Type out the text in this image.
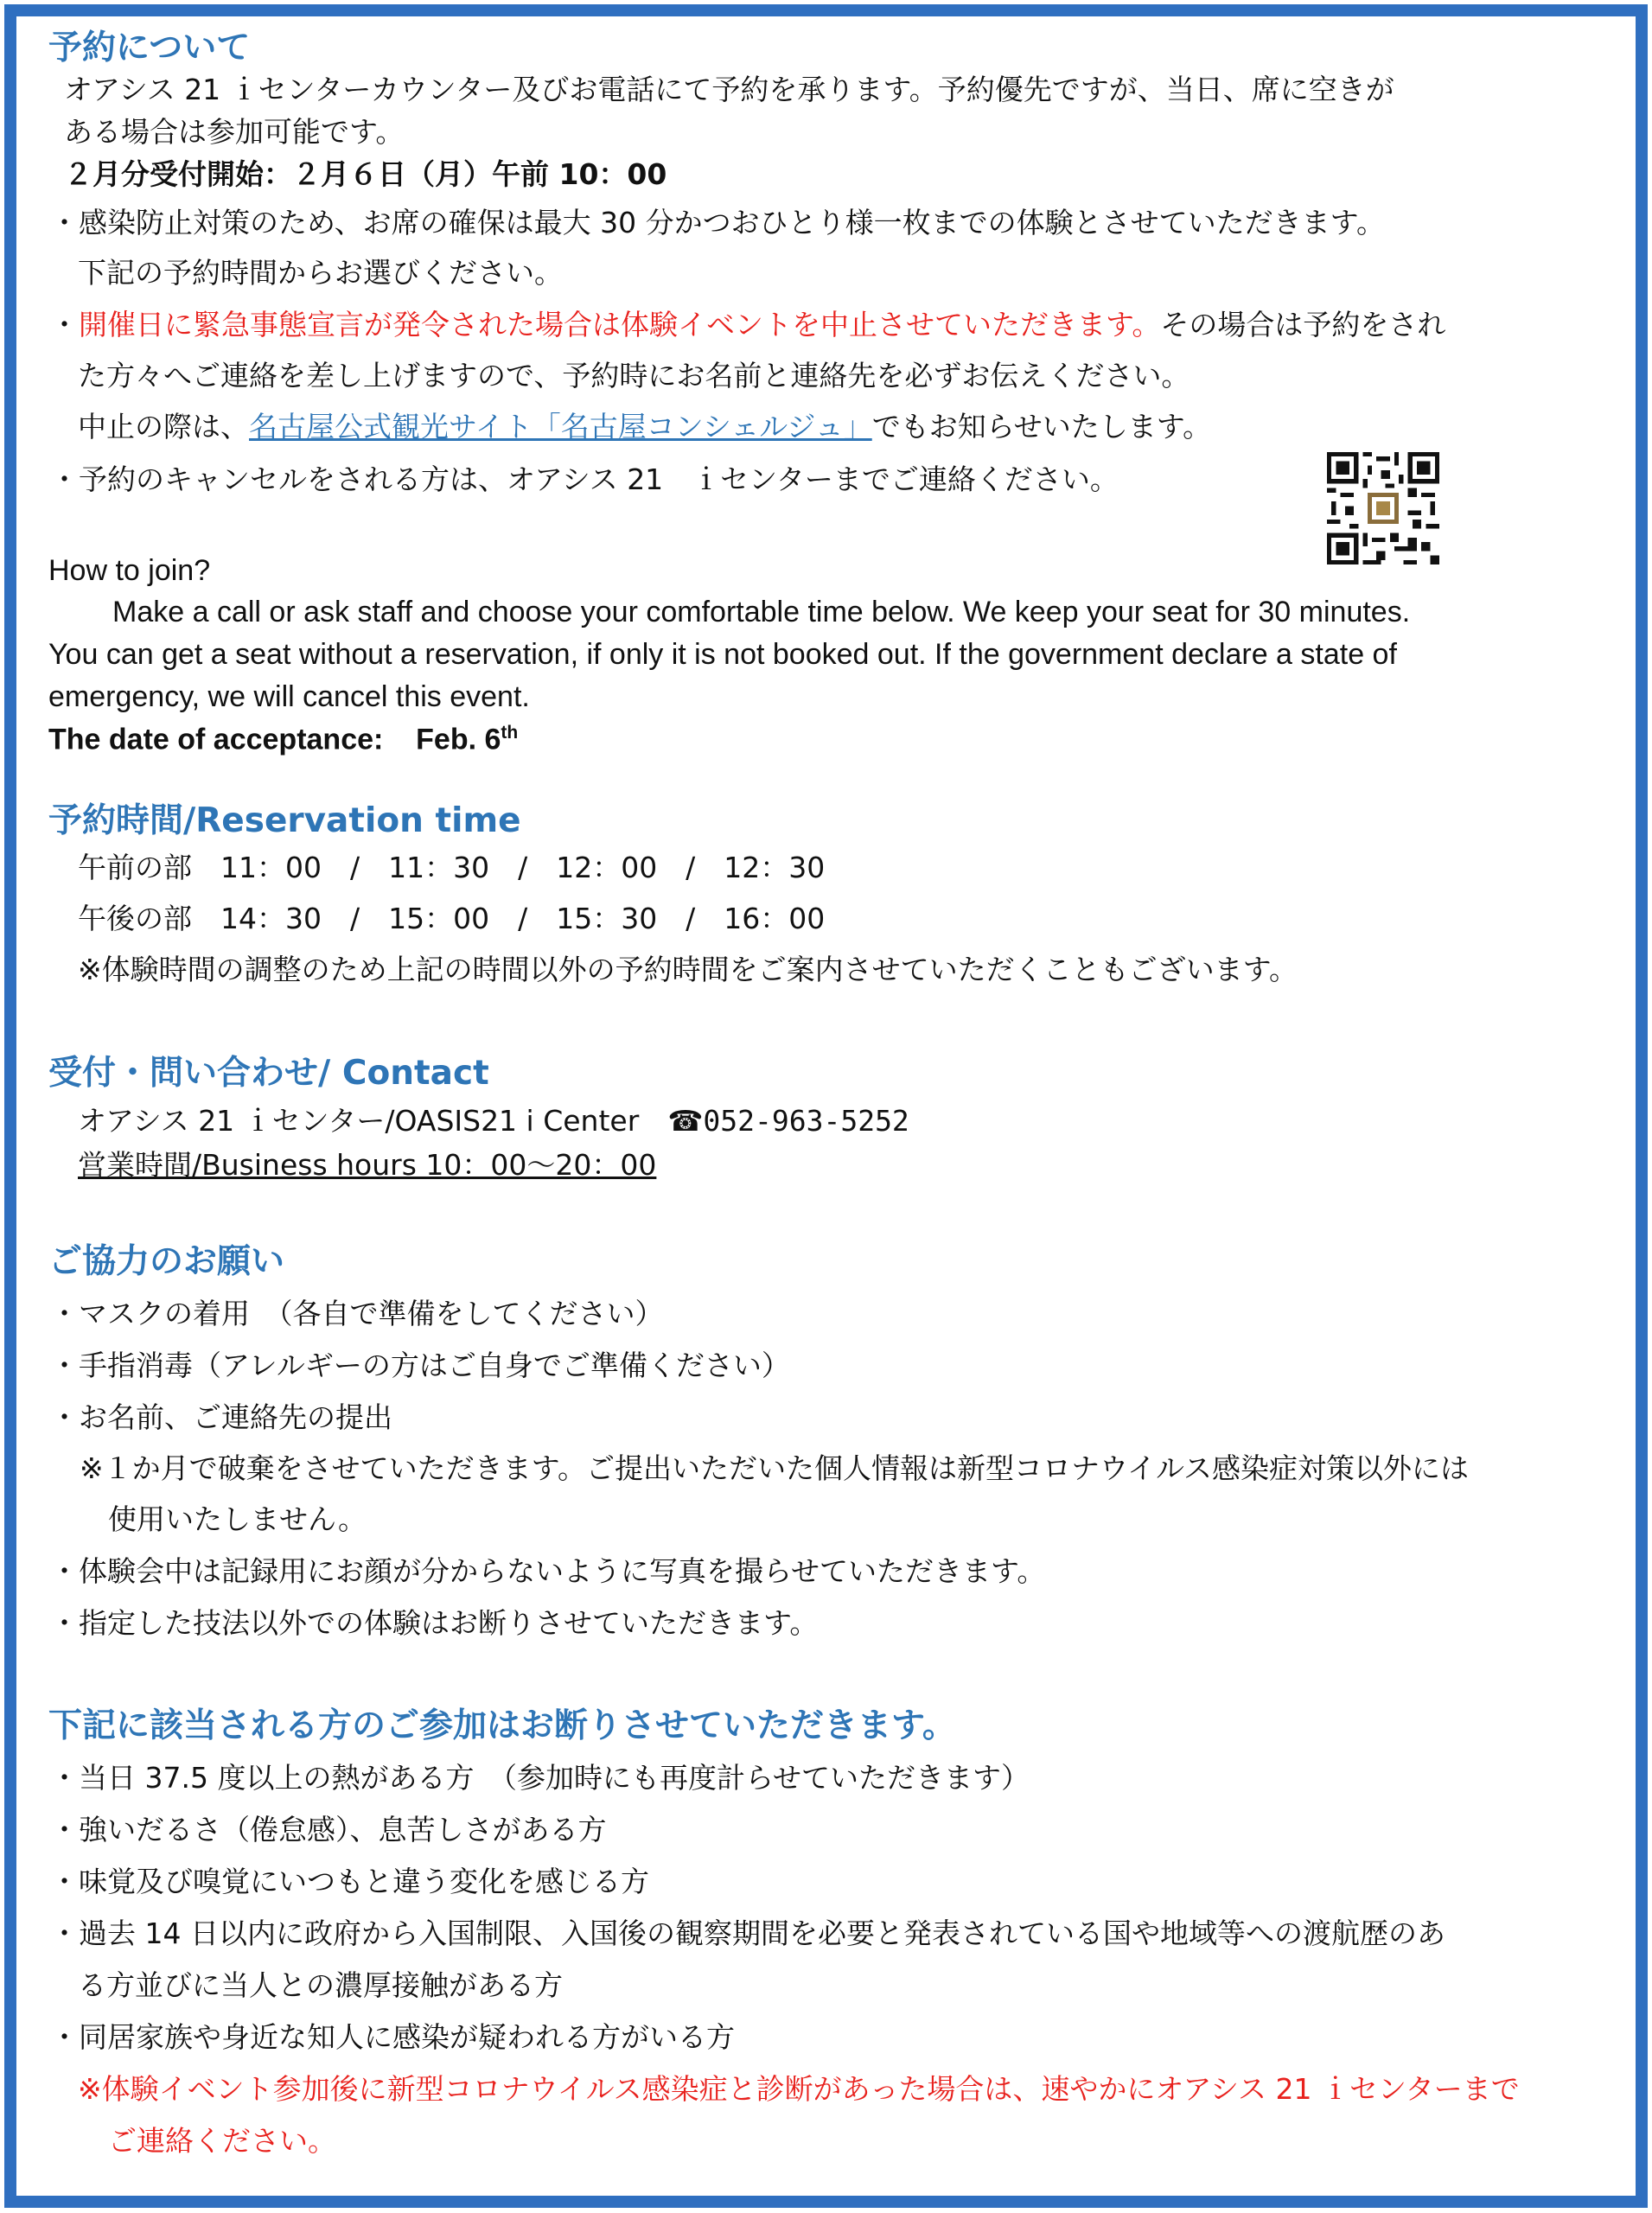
予約について
オアシス 21 ｉセンターカウンター及びお電話にて予約を承ります。予約優先ですが、当日、席に空きが
ある場合は参加可能です。
２月分受付開始：２月６日（月）午前 10：00
・感染防止対策のため、お席の確保は最大 30 分かつおひとり様一枚までの体験とさせていただきます。
下記の予約時間からお選びください。
・開催日に緊急事態宣言が発令された場合は体験イベントを中止させていただきます。その場合は予約をされ
た方々へご連絡を差し上げますので、予約時にお名前と連絡先を必ずお伝えください。
中止の際は、名古屋公式観光サイト「名古屋コンシェルジュ」でもお知らせいたします。
・予約のキャンセルをされる方は、オアシス 21　ｉセンターまでご連絡ください。
How to join?
Make a call or ask staff and choose your comfortable time below. We keep your seat for 30 minutes.
You can get a seat without a reservation, if only it is not booked out. If the government declare a state of
emergency, we will cancel this event.
The date of acceptance: Feb. 6th
予約時間/Reservation time
午前の部　11：00　/　11：30　/　12：00　/　12：30
午後の部　14：30　/　15：00　/　15：30　/　16：00
※体験時間の調整のため上記の時間以外の予約時間をご案内させていただくこともございます。
受付・問い合わせ/ Contact
オアシス 21 ｉセンター/OASIS21 i Center　☎052-963-5252
営業時間/Business hours 10：00～20：00
ご協力のお願い
・マスクの着用　（各自で準備をしてください）
・手指消毒（アレルギーの方はご自身でご準備ください）
・お名前、ご連絡先の提出
※１か月で破棄をさせていただきます。ご提出いただいた個人情報は新型コロナウイルス感染症対策以外には
使用いたしません。
・体験会中は記録用にお顔が分からないように写真を撮らせていただきます。
・指定した技法以外での体験はお断りさせていただきます。
下記に該当される方のご参加はお断りさせていただきます。
・当日 37.5 度以上の熱がある方　（参加時にも再度計らせていただきます）
・強いだるさ（倦怠感）、息苦しさがある方
・味覚及び嗅覚にいつもと違う変化を感じる方
・過去 14 日以内に政府から入国制限、入国後の観察期間を必要と発表されている国や地域等への渡航歴のあ
る方並びに当人との濃厚接触がある方
・同居家族や身近な知人に感染が疑われる方がいる方
※体験イベント参加後に新型コロナウイルス感染症と診断があった場合は、速やかにオアシス 21 ｉセンターまで
ご連絡ください。
